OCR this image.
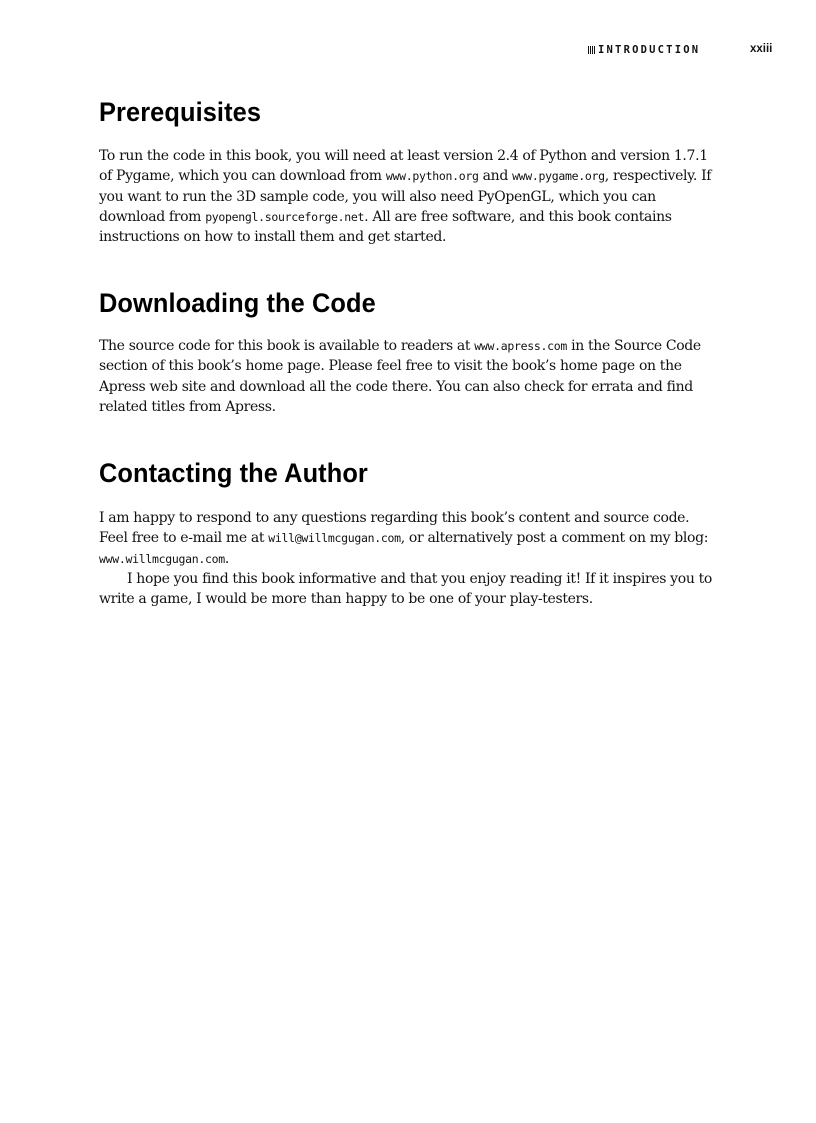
INTRODUCTION	xxiii
Prerequisites

To run the code in this book, you will need at least version 2.4 of Python and version 1.7.1 of Pygame, which you can download from www.python.org and www.pygame.org, respectively. If you want to run the 3D sample code, you will also need PyOpenGL, which you can download from pyopengl.sourceforge.net. All are free software, and this book contains instructions on how to install them and get started.

Downloading the Code

The source code for this book is available to readers at www.apress.com in the Source Code section of this book’s home page. Please feel free to visit the book’s home page on the Apress web site and download all the code there. You can also check for errata and find related titles from Apress.

Contacting the Author
I am happy to respond to any questions regarding this book’s content and source code. Feel free to e-mail me at will@willmcgugan.com, or alternatively post a comment on my blog: www.willmcgugan.com.
I hope you find this book informative and that you enjoy reading it! If it inspires you to write a game, I would be more than happy to be one of your play-testers.
